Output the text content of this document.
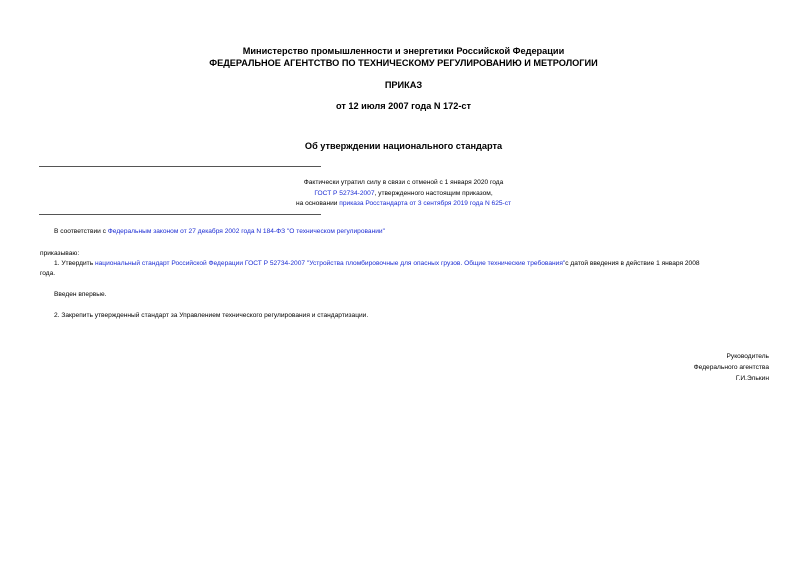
Министерство промышленности и энергетики Российской Федерации
ФЕДЕРАЛЬНОЕ АГЕНТСТВО ПО ТЕХНИЧЕСКОМУ РЕГУЛИРОВАНИЮ И МЕТРОЛОГИИ
ПРИКАЗ
от 12 июля 2007 года N 172-ст
Об утверждении национального стандарта
Фактически утратил силу в связи с отменой с 1 января 2020 года
ГОСТ Р 52734-2007, утвержденного настоящим приказом,
на основании приказа Росстандарта от 3 сентября 2019 года N 625-ст
В соответствии с Федеральным законом от 27 декабря 2002 года N 184-ФЗ "О техническом регулировании"
приказываю:
1. Утвердить национальный стандарт Российской Федерации ГОСТ Р 52734-2007 "Устройства пломбировочные для опасных грузов. Общие технические требования"с датой введения в действие 1 января 2008
года.
Введен впервые.
2. Закрепить утвержденный стандарт за Управлением технического регулирования и стандартизации.
Руководитель
Федерального агентства
Г.И.Элькин
